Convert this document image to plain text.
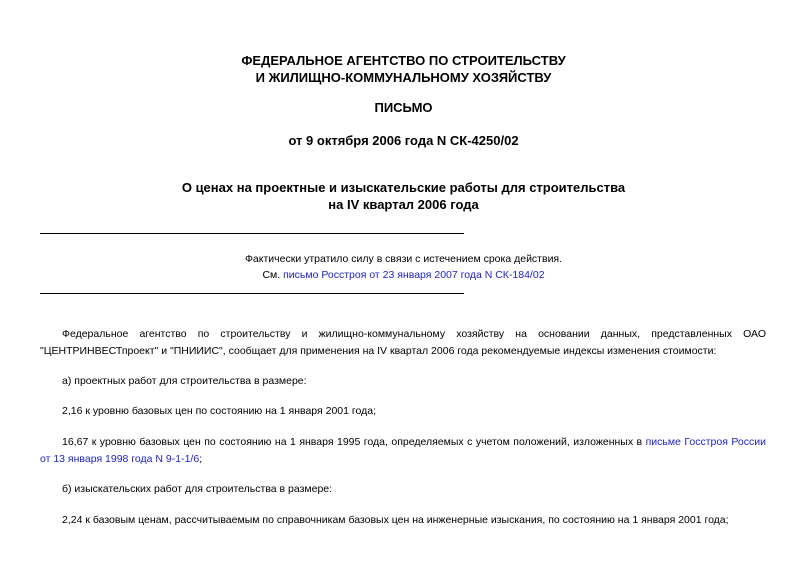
ФЕДЕРАЛЬНОЕ АГЕНТСТВО ПО СТРОИТЕЛЬСТВУ
И ЖИЛИЩНО-КОММУНАЛЬНОМУ ХОЗЯЙСТВУ
ПИСЬМО
от 9 октября 2006 года N СК-4250/02
О ценах на проектные и изыскательские работы для строительства
на IV квартал 2006 года
Фактически утратило силу в связи с истечением срока действия.
См. письмо Росстроя от 23 января 2007 года N СК-184/02
Федеральное агентство по строительству и жилищно-коммунальному хозяйству на основании данных, представленных ОАО "ЦЕНТРИНВЕСТпроект" и "ПНИИИС", сообщает для применения на IV квартал 2006 года рекомендуемые индексы изменения стоимости:
а) проектных работ для строительства в размере:
2,16 к уровню базовых цен по состоянию на 1 января 2001 года;
16,67 к уровню базовых цен по состоянию на 1 января 1995 года, определяемых с учетом положений, изложенных в письме Госстроя России от 13 января 1998 года N 9-1-1/6;
б) изыскательских работ для строительства в размере:
2,24 к базовым ценам, рассчитываемым по справочникам базовых цен на инженерные изыскания, по состоянию на 1 января 2001 года;
